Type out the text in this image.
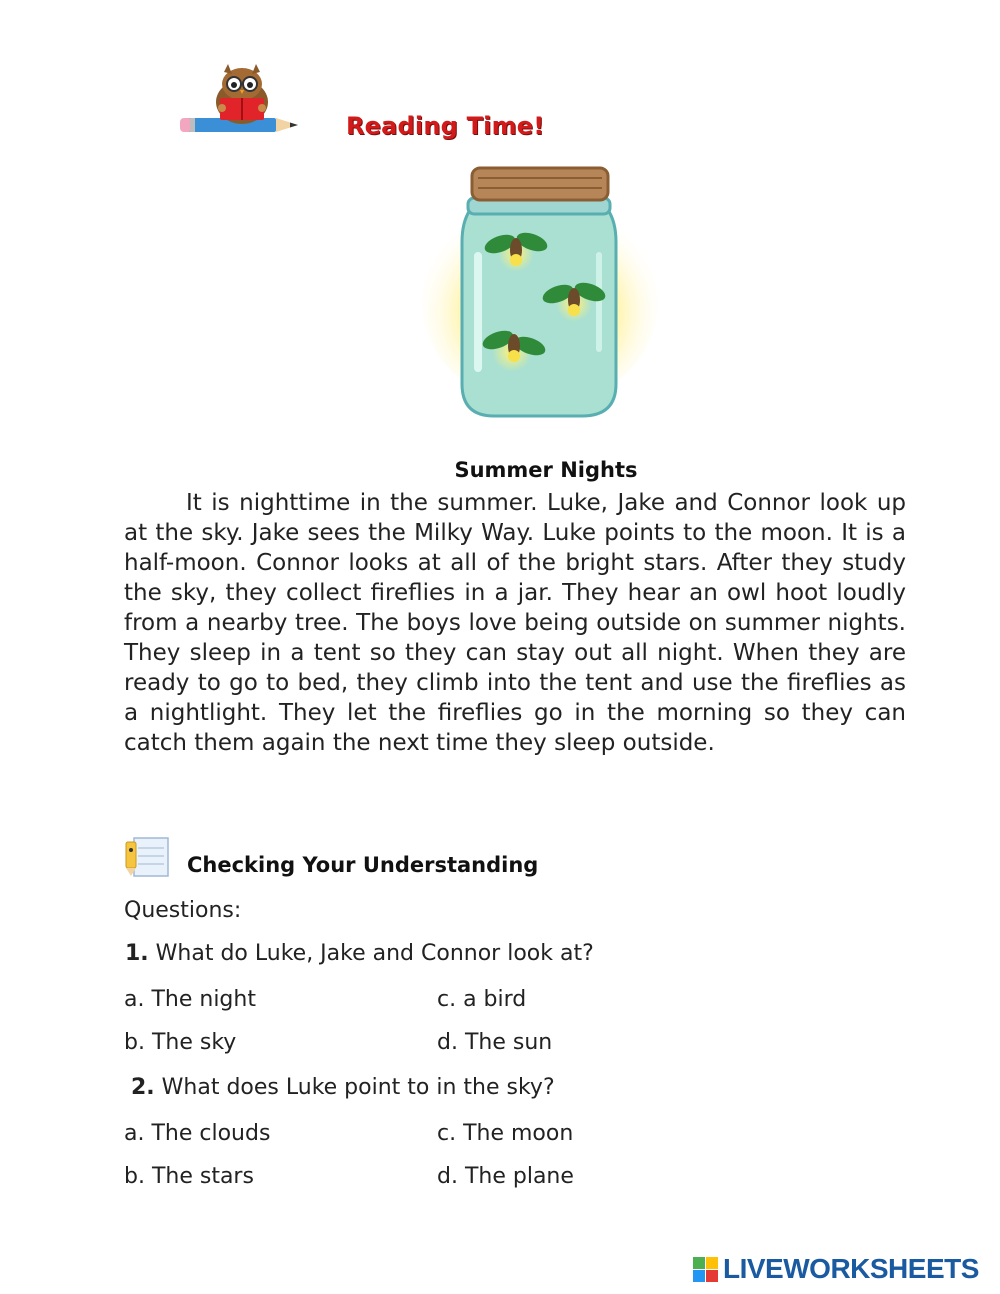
Reading Time!
Summer Nights
It is nighttime in the summer. Luke, Jake and Connor look up at the sky. Jake sees the Milky Way. Luke points to the moon. It is a half-moon. Connor looks at all of the bright stars. After they study the sky, they collect fireflies in a jar. They hear an owl hoot loudly from a nearby tree. The boys love being outside on summer nights. They sleep in a tent so they can stay out all night. When they are ready to go to bed, they climb into the tent and use the fireflies as a nightlight. They let the fireflies go in the morning so they can catch them again the next time they sleep outside.
Checking Your Understanding
Questions:
1. What do Luke, Jake and Connor look at?
a. The night	c. a bird
b. The sky	d. The sun
2. What does Luke point to in the sky?
a. The clouds	c. The moon
b. The stars	d. The plane
LIVEWORKSHEETS
